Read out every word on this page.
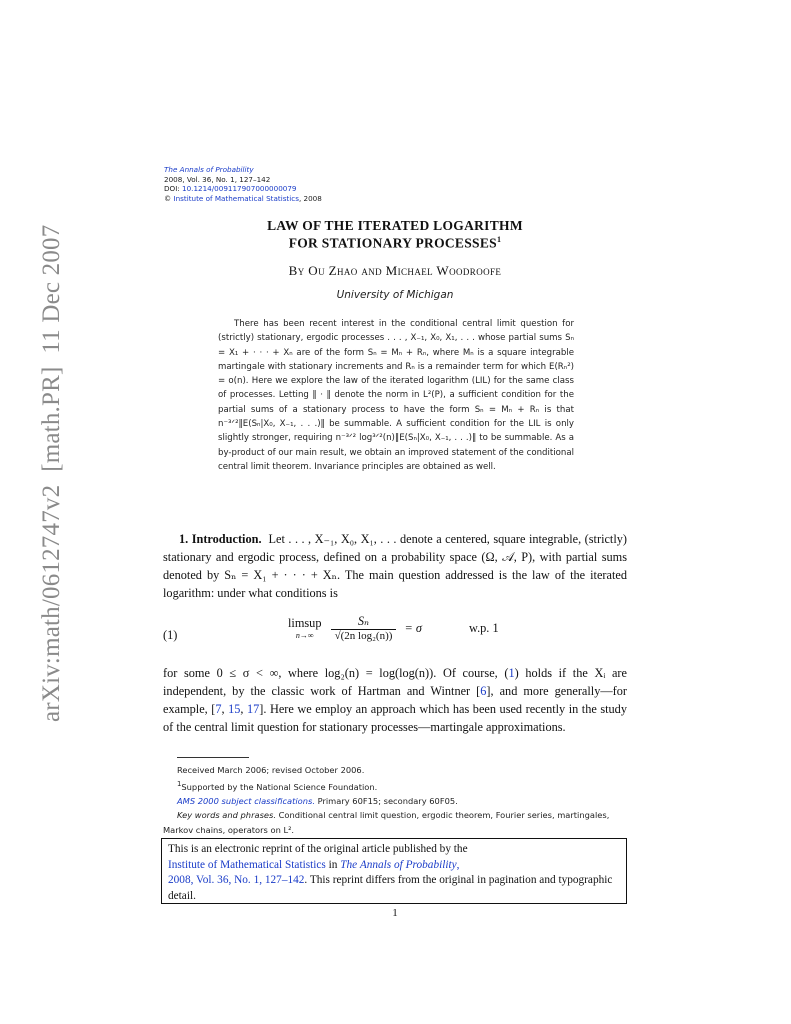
arXiv:math/0612747v2  [math.PR]  11 Dec 2007
The Annals of Probability
2008, Vol. 36, No. 1, 127–142
DOI: 10.1214/009117907000000079
© Institute of Mathematical Statistics, 2008
LAW OF THE ITERATED LOGARITHM
FOR STATIONARY PROCESSES$^1$
By Ou Zhao and Michael Woodroofe
University of Michigan
There has been recent interest in the conditional central limit question for (strictly) stationary, ergodic processes . . . , X₋₁, X₀, X₁, . . . whose partial sums Sₙ = X₁ + · · · + Xₙ are of the form Sₙ = Mₙ + Rₙ, where Mₙ is a square integrable martingale with stationary increments and Rₙ is a remainder term for which E(Rₙ²) = o(n). Here we explore the law of the iterated logarithm (LIL) for the same class of processes. Letting ‖ · ‖ denote the norm in L²(P), a sufficient condition for the partial sums of a stationary process to have the form Sₙ = Mₙ + Rₙ is that n⁻³ᐟ²‖E(Sₙ|X₀, X₋₁, . . .)‖ be summable. A sufficient condition for the LIL is only slightly stronger, requiring n⁻³ᐟ² log³ᐟ²(n)‖E(Sₙ|X₀, X₋₁, . . .)‖ to be summable. As a by-product of our main result, we obtain an improved statement of the conditional central limit theorem. Invariance principles are obtained as well.
1. Introduction. Let . . . , X₋₁, X₀, X₁, . . . denote a centered, square integrable, (strictly) stationary and ergodic process, defined on a probability space (Ω, 𝒜, P), with partial sums denoted by Sₙ = X₁ + · · · + Xₙ. The main question addressed is the law of the iterated logarithm: under what conditions is
(1)
limsup
n→∞
	$\frac{\text{Sₙ}}{\text{√(2n log₂(n))}} = \sigma$	w.p. 1
for some 0 ≤ σ < ∞, where log₂(n) = log(log(n)). Of course, (1) holds if the Xᵢ are independent, by the classic work of Hartman and Wintner [6], and more generally—for example, [7, 15, 17]. Here we employ an approach which has been used recently in the study of the central limit question for stationary processes—martingale approximations.

Received March 2006; revised October 2006.

$^1$Supported by the National Science Foundation.

AMS 2000 subject classifications. Primary 60F15; secondary 60F05.

Key words and phrases. Conditional central limit question, ergodic theorem, Fourier series, martingales, Markov chains, operators on L².

This is an electronic reprint of the original article published by the
Institute of Mathematical Statistics in The Annals of Probability,
2008, Vol. 36, No. 1, 127–142. This reprint differs from the original in pagination and typographic detail.
1
